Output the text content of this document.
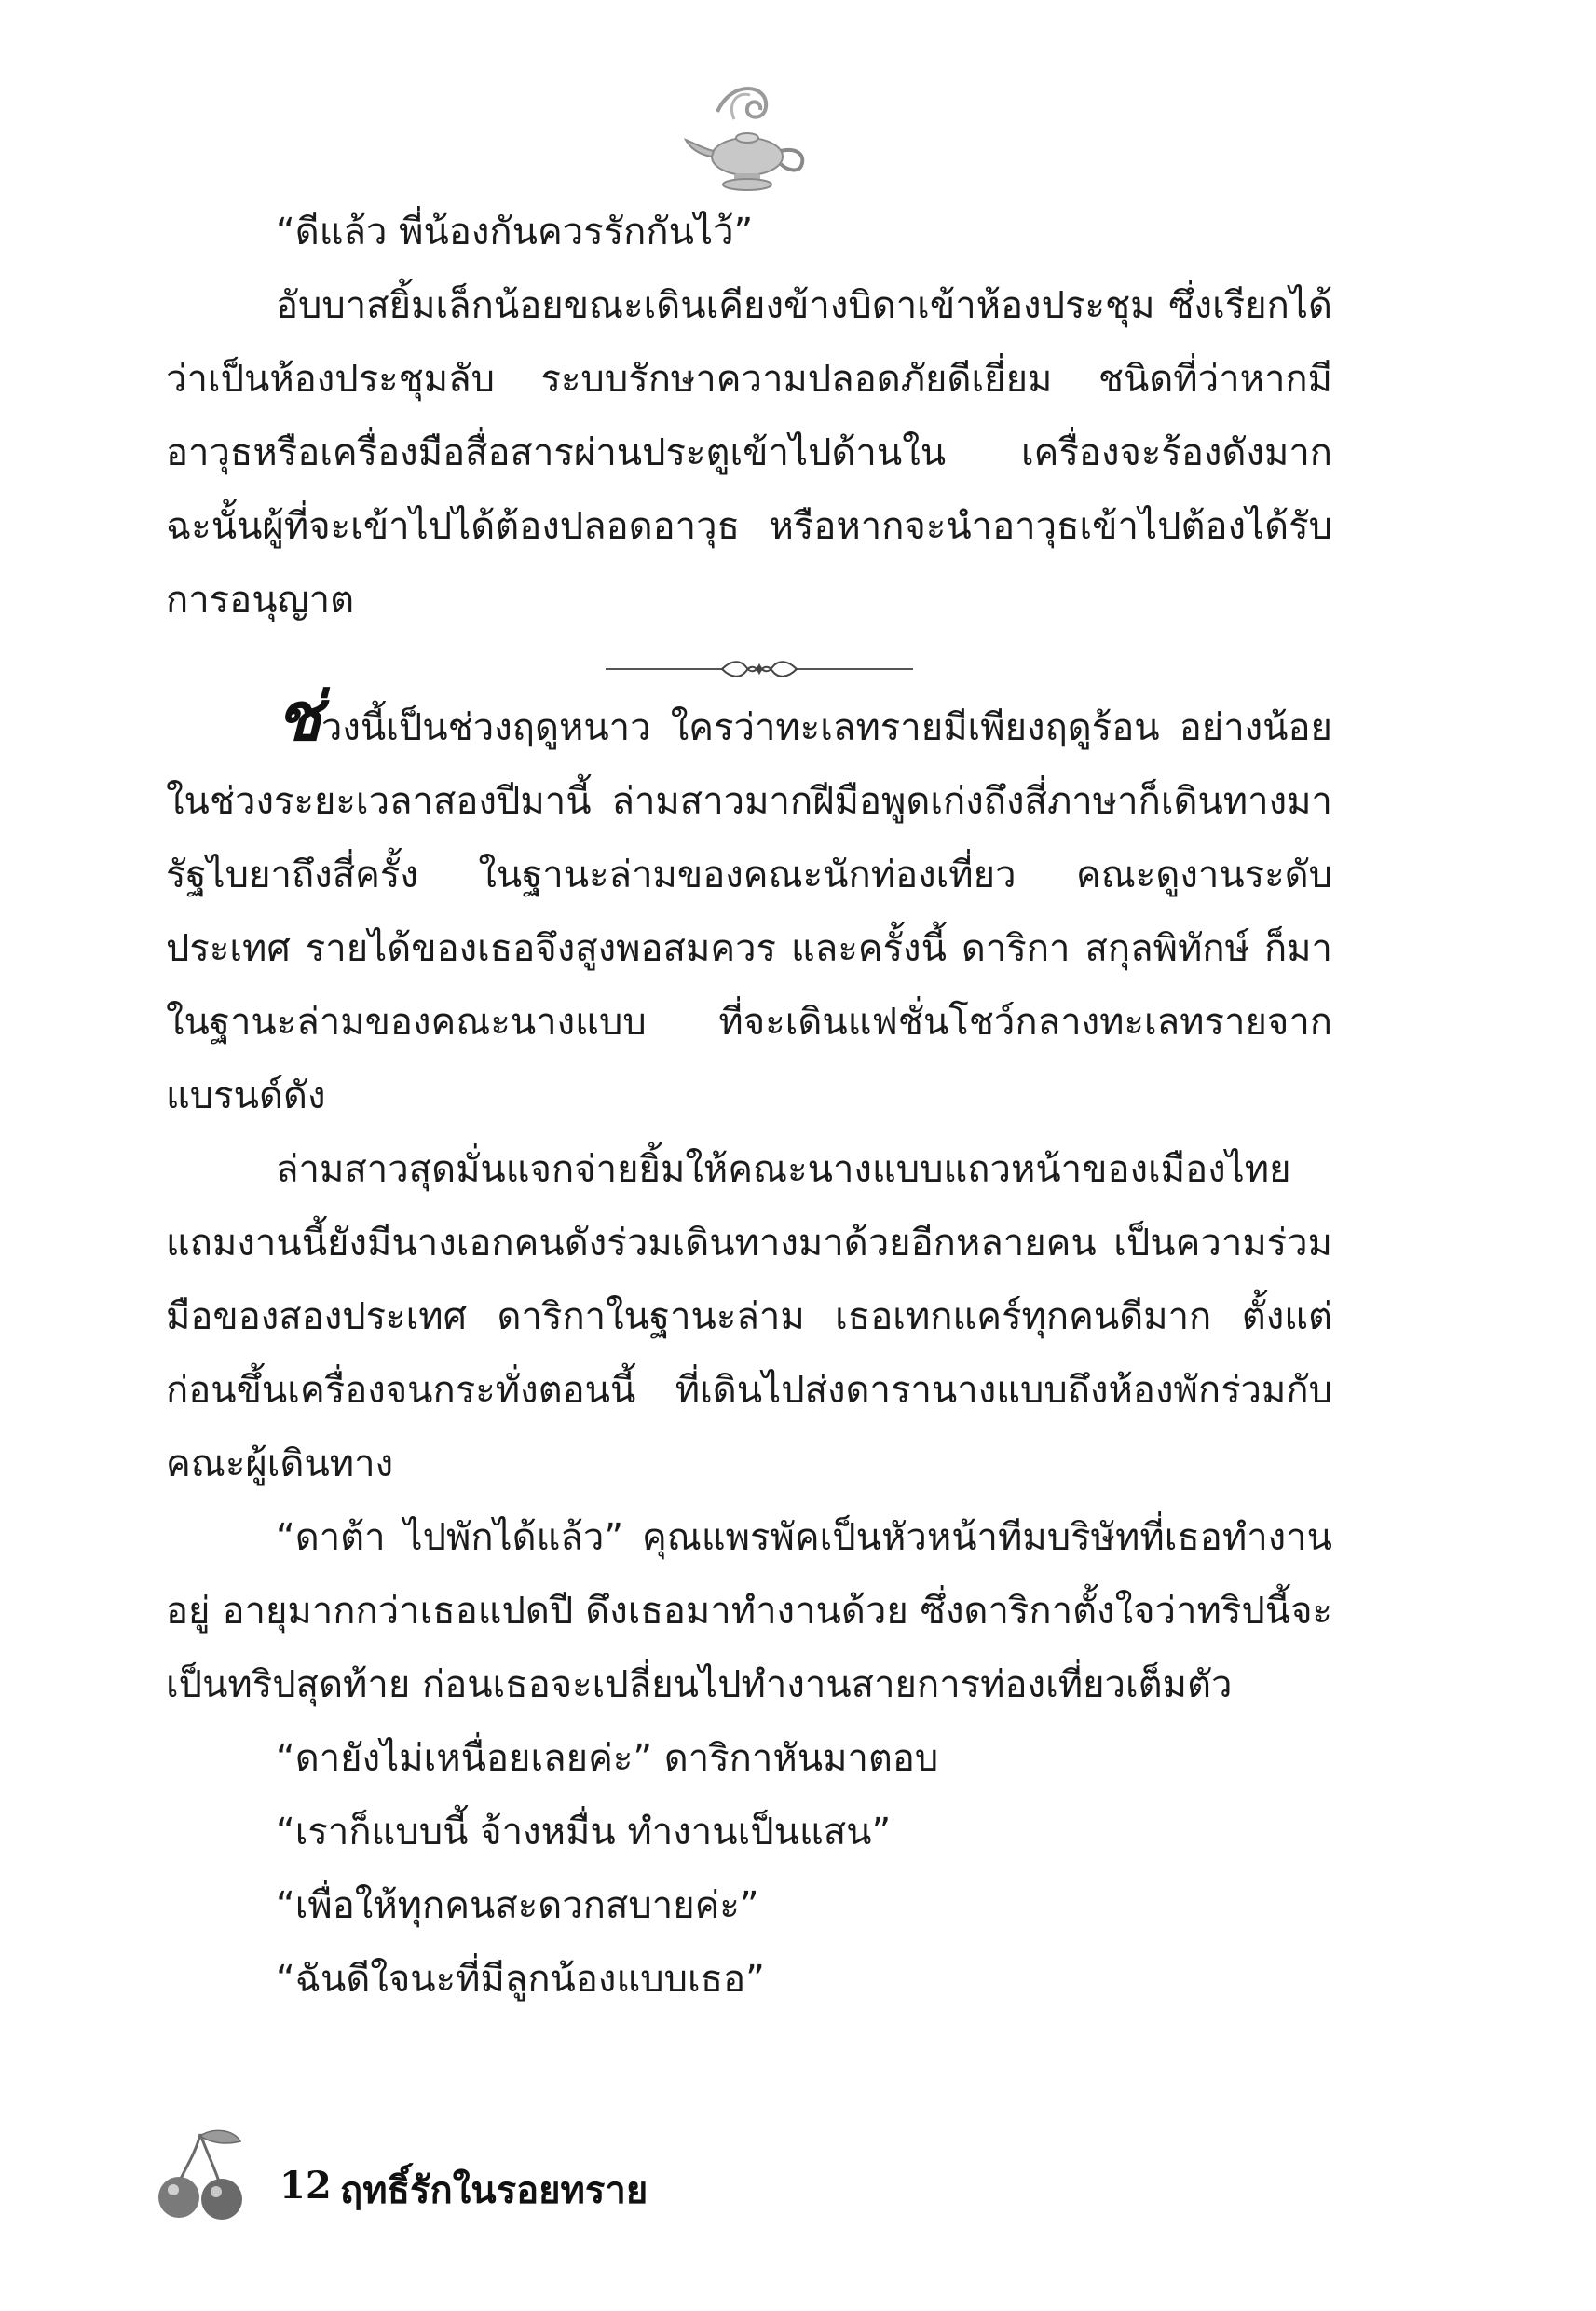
“ดีแล้ว พี่น้องกันควรรักกันไว้”

อับบาสยิ้มเล็กน้อยขณะเดินเคียงข้างบิดาเข้าห้องประชุม ซึ่งเรียกได้ว่าเป็นห้องประชุมลับ ระบบรักษาความปลอดภัยดีเยี่ยม ชนิดที่ว่าหากมีอาวุธหรือเครื่องมือสื่อสารผ่านประตูเข้าไปด้านใน เครื่องจะร้องดังมาก ฉะนั้นผู้ที่จะเข้าไปได้ต้องปลอดอาวุธ หรือหากจะนำอาวุธเข้าไปต้องได้รับการอนุญาต

ช่วงนี้เป็นช่วงฤดูหนาว ใครว่าทะเลทรายมีเพียงฤดูร้อน อย่างน้อยในช่วงระยะเวลาสองปีมานี้ ล่ามสาวมากฝีมือพูดเก่งถึงสี่ภาษาก็เดินทางมารัฐไบยาถึงสี่ครั้ง ในฐานะล่ามของคณะนักท่องเที่ยว คณะดูงานระดับประเทศ รายได้ของเธอจึงสูงพอสมควร และครั้งนี้ ดาริกา สกุลพิทักษ์ ก็มาในฐานะล่ามของคณะนางแบบ ที่จะเดินแฟชั่นโชว์กลางทะเลทรายจากแบรนด์ดัง

ล่ามสาวสุดมั่นแจกจ่ายยิ้มให้คณะนางแบบแถวหน้าของเมืองไทย แถมงานนี้ยังมีนางเอกคนดังร่วมเดินทางมาด้วยอีกหลายคน เป็นความร่วมมือของสองประเทศ ดาริกาในฐานะล่าม เธอเทกแคร์ทุกคนดีมาก ตั้งแต่ก่อนขึ้นเครื่องจนกระทั่งตอนนี้ ที่เดินไปส่งดารานางแบบถึงห้องพักร่วมกับคณะผู้เดินทาง

“ดาต้า ไปพักได้แล้ว” คุณแพรพัคเป็นหัวหน้าทีมบริษัทที่เธอทำงานอยู่ อายุมากกว่าเธอแปดปี ดึงเธอมาทำงานด้วย ซึ่งดาริกาตั้งใจว่าทริปนี้จะเป็นทริปสุดท้าย ก่อนเธอจะเปลี่ยนไปทำงานสายการท่องเที่ยวเต็มตัว

“ดายังไม่เหนื่อยเลยค่ะ” ดาริกาหันมาตอบ

“เราก็แบบนี้ จ้างหมื่น ทำงานเป็นแสน”

“เพื่อให้ทุกคนสะดวกสบายค่ะ”

“ฉันดีใจนะที่มีลูกน้องแบบเธอ”

12 ฤทธิ์รักในรอยทราย
